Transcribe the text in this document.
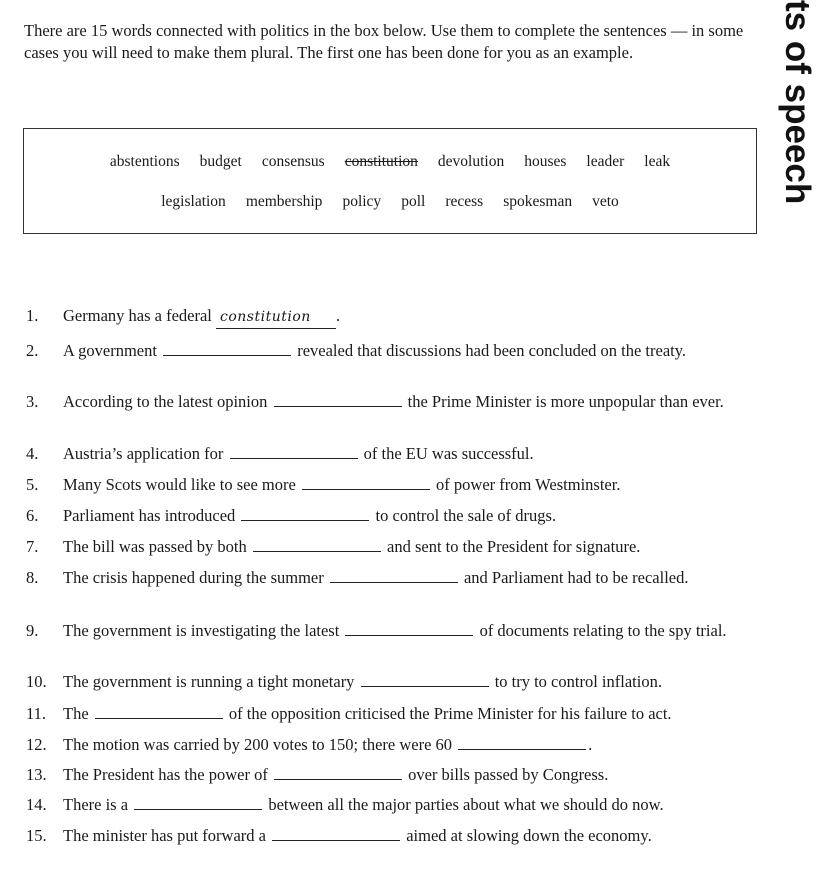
There are 15 words connected with politics in the box below. Use them to complete the sentences — in some cases you will need to make them plural. The first one has been done for you as an example.	ts of speech
abstentions budget consensus constitution devolution houses leader leak
legislation membership policy poll recess spokesman veto
1.	Germany has a federal constitution .
2.	A government	revealed that discussions had been concluded on the treaty.
3.	According to the latest opinion	the Prime Minister is more unpopular than ever.
4.	Austria’s application for	of the EU was successful.
5.	Many Scots would like to see more	of power from Westminster.
6.	Parliament has introduced	to control the sale of drugs.
7.	The bill was passed by both	and sent to the President for signature.
8.	The crisis happened during the summer	and Parliament had to be recalled.
9.	The government is investigating the latest	of documents relating to the spy trial.
10. The government is running a tight monetary	to try to control inflation.
11.	The	of the opposition criticised the Prime Minister for his failure to act.
12. The motion was carried by 200 votes to 150; there were 60	.
13. The President has the power of	over bills passed by Congress.
14. There is a	between all the major parties about what we should do now.
15. The minister has put forward a	aimed at slowing down the economy.
